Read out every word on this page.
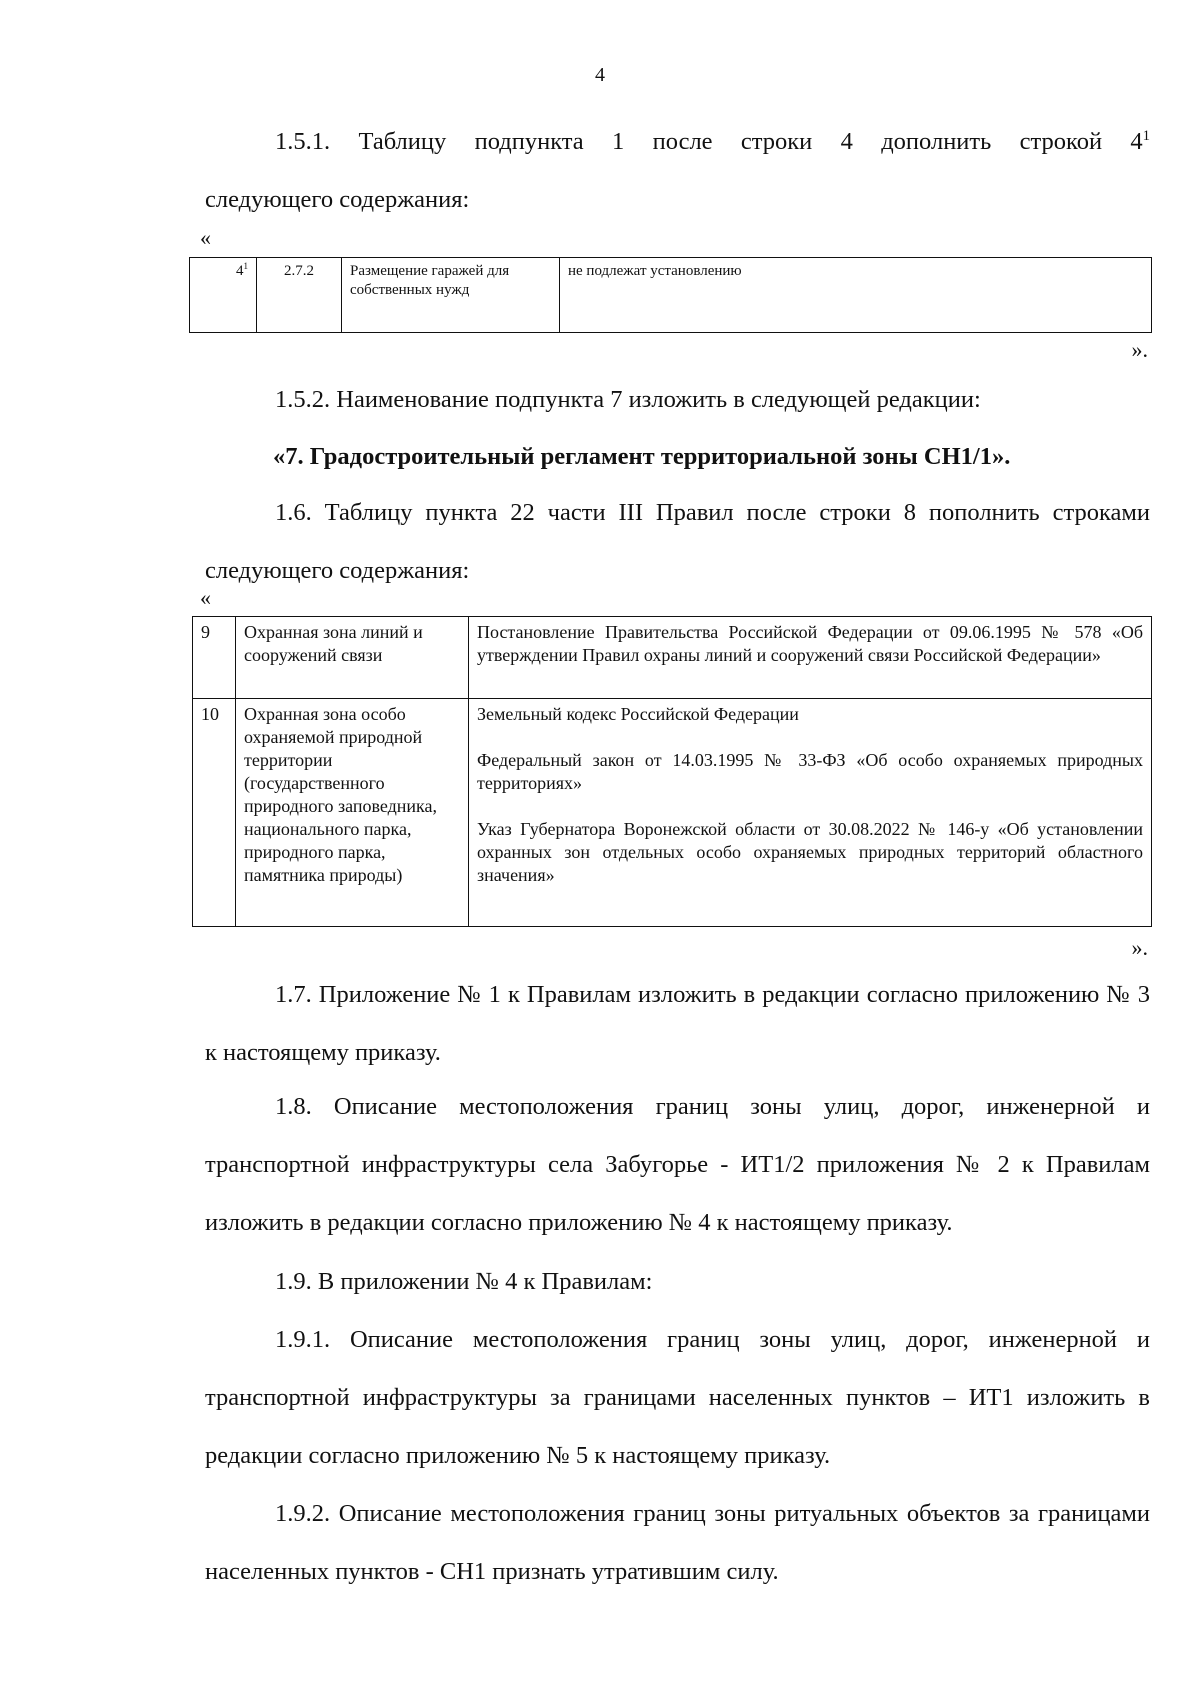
4

1.5.1. Таблицу подпункта 1 после строки 4 дополнить строкой $4^1$

следующего содержания:

«
$4^1$	2.7.2	Размещение гаражей для собственных нужд	не подлежат установлению
».

1.5.2. Наименование подпункта 7 изложить в следующей редакции:

«7. Градостроительный регламент территориальной зоны СН1/1».

1.6. Таблицу пункта 22 части III Правил после строки 8 пополнить строками следующего содержания:

«
9	Охранная зона линий и сооружений связи	Постановление Правительства Российской Федерации от 09.06.1995 № 578 «Об утверждении Правил охраны линий и сооружений связи Российской Федерации»
10	Охранная зона особо охраняемой природной территории (государственного природного заповедника, национального парка, природного парка, памятника природы)	Земельный кодекс Российской Федерации
Федеральный закон от 14.03.1995 № 33-ФЗ «Об особо охраняемых природных территориях»
Указ Губернатора Воронежской области от 30.08.2022 № 146-у «Об установлении охранных зон отдельных особо охраняемых природных территорий областного значения»
».

1.7. Приложение № 1 к Правилам изложить в редакции согласно приложению № 3 к настоящему приказу.

1.8. Описание местоположения границ зоны улиц, дорог, инженерной и транспортной инфраструктуры села Забугорье - ИТ1/2 приложения № 2 к Правилам изложить в редакции согласно приложению № 4 к настоящему приказу.

1.9. В приложении № 4 к Правилам:

1.9.1. Описание местоположения границ зоны улиц, дорог, инженерной и транспортной инфраструктуры за границами населенных пунктов – ИТ1 изложить в редакции согласно приложению № 5 к настоящему приказу.

1.9.2. Описание местоположения границ зоны ритуальных объектов за границами населенных пунктов - СН1 признать утратившим силу.
